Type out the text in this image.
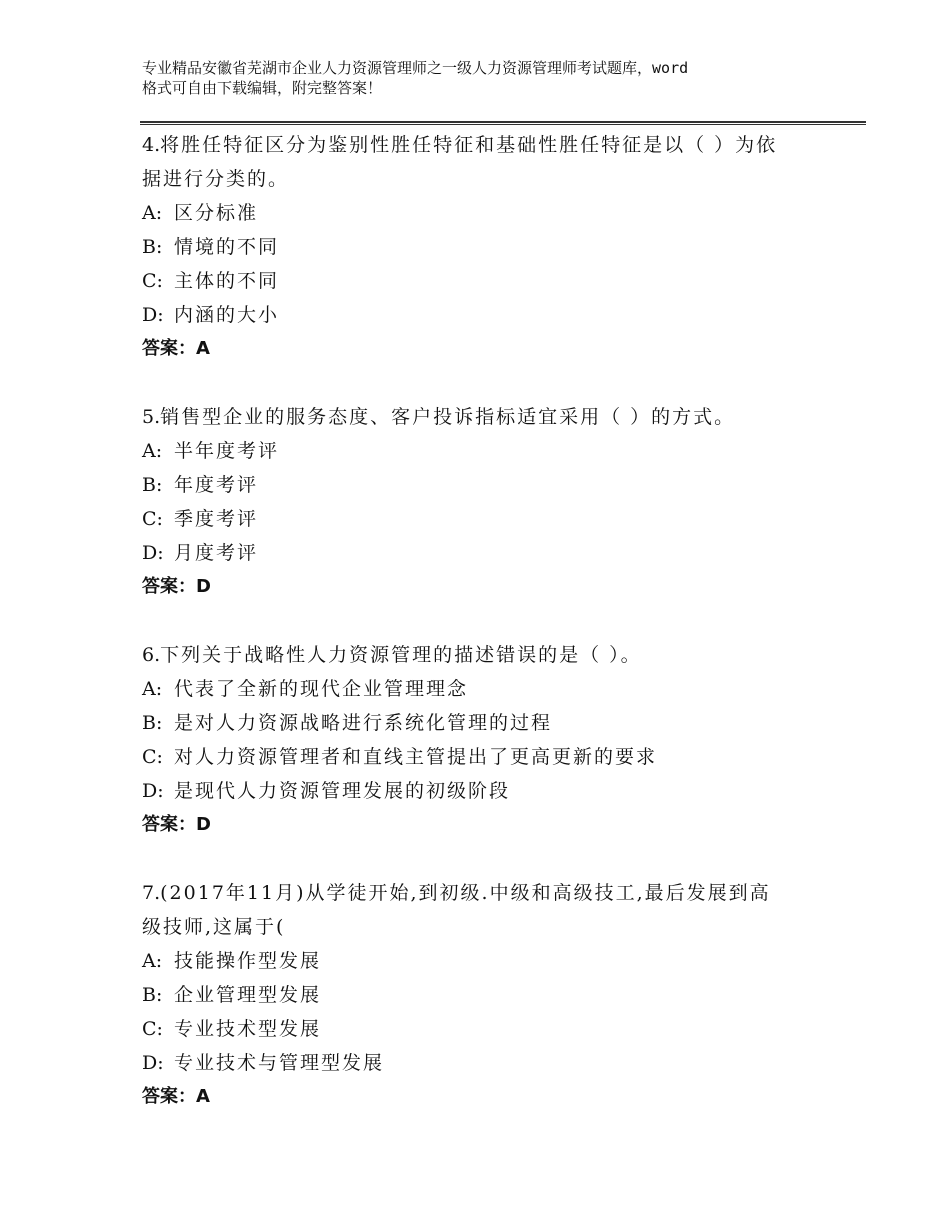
专业精品安徽省芜湖市企业人力资源管理师之一级人力资源管理师考试题库，word
格式可自由下载编辑，附完整答案！

4.将胜任特征区分为鉴别性胜任特征和基础性胜任特征是以（ ）为依

据进行分类的。

A: 区分标准

B: 情境的不同

C: 主体的不同

D: 内涵的大小

答案：A

5.销售型企业的服务态度、客户投诉指标适宜采用（ ）的方式。

A: 半年度考评

B: 年度考评

C: 季度考评

D: 月度考评

答案：D

6.下列关于战略性人力资源管理的描述错误的是（ ）。

A: 代表了全新的现代企业管理理念

B: 是对人力资源战略进行系统化管理的过程

C: 对人力资源管理者和直线主管提出了更高更新的要求

D: 是现代人力资源管理发展的初级阶段

答案：D

7.(2017年11月)从学徒开始,到初级.中级和高级技工,最后发展到高

级技师,这属于(

A: 技能操作型发展

B: 企业管理型发展

C: 专业技术型发展

D: 专业技术与管理型发展

答案：A
